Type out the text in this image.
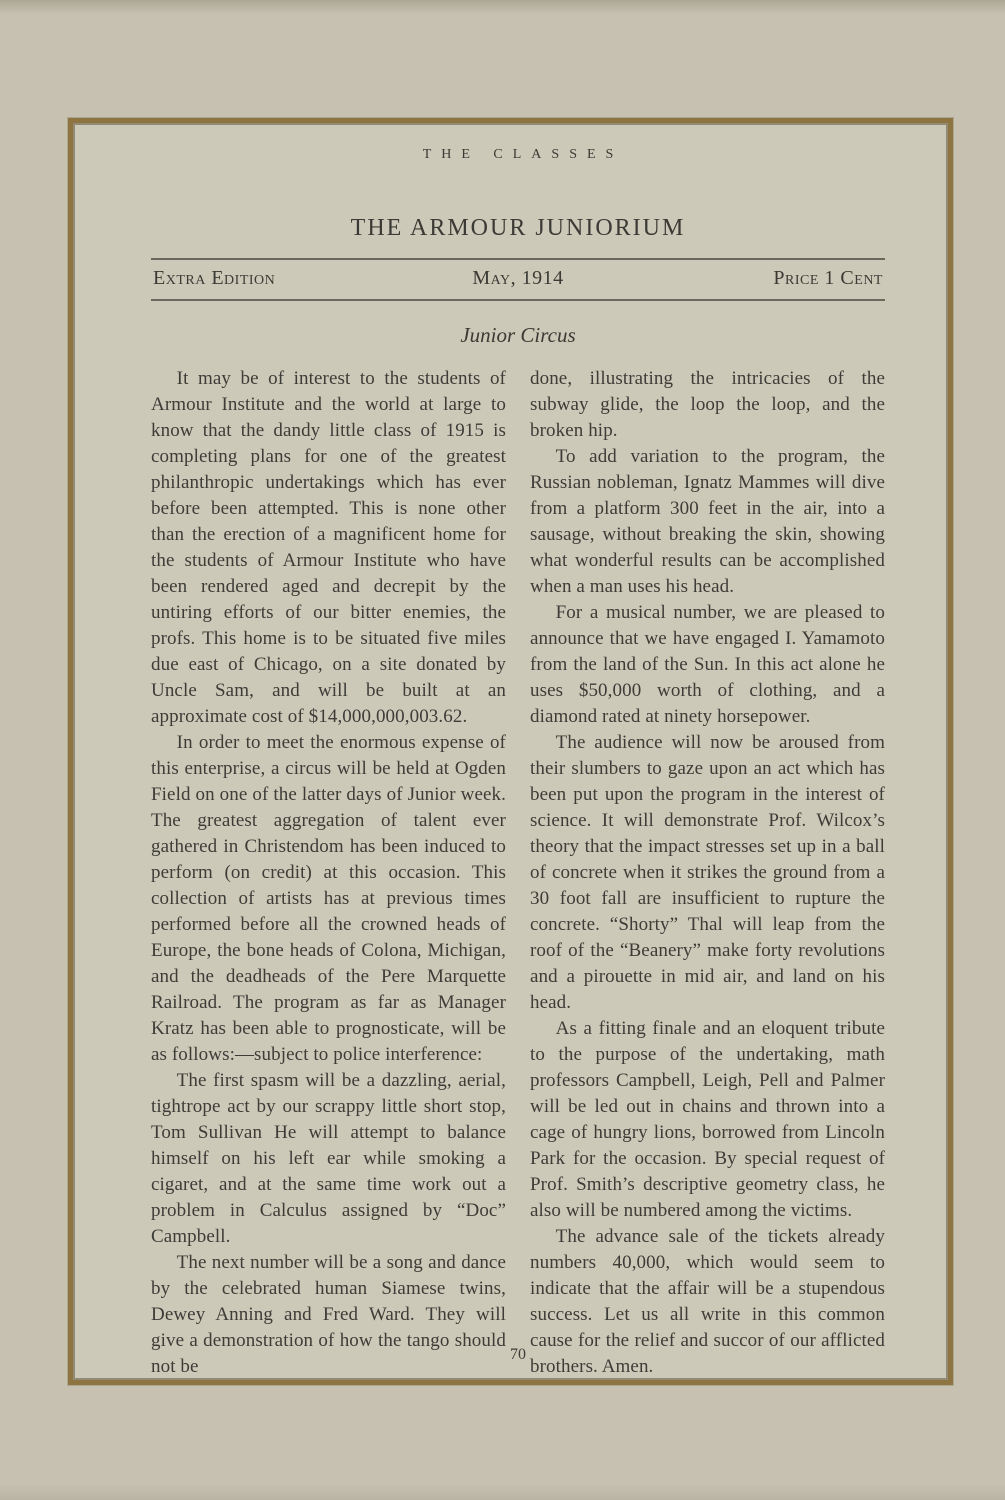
THE CLASSES
THE ARMOUR JUNIORIUM
Extra Edition	May, 1914	Price 1 Cent
Junior Circus

It may be of interest to the students of Armour Institute and the world at large to know that the dandy little class of 1915 is completing plans for one of the greatest philanthropic undertakings which has ever before been attempted. This is none other than the erection of a magnificent home for the students of Armour Institute who have been rendered aged and decrepit by the untiring efforts of our bitter enemies, the profs. This home is to be situated five miles due east of Chicago, on a site donated by Uncle Sam, and will be built at an approximate cost of $14,000,000,003.62.

In order to meet the enormous expense of this enterprise, a circus will be held at Ogden Field on one of the latter days of Junior week. The greatest aggregation of talent ever gathered in Christendom has been induced to perform (on credit) at this occasion. This collection of artists has at previous times performed before all the crowned heads of Europe, the bone heads of Colona, Michigan, and the deadheads of the Pere Marquette Railroad. The program as far as Manager Kratz has been able to prognosticate, will be as follows:—subject to police interference:

The first spasm will be a dazzling, aerial, tightrope act by our scrappy little short stop, Tom Sullivan He will attempt to balance himself on his left ear while smoking a cigaret, and at the same time work out a problem in Calculus assigned by “Doc” Campbell.

The next number will be a song and dance by the celebrated human Siamese twins, Dewey Anning and Fred Ward. They will give a demonstration of how the tango should not be

done, illustrating the intricacies of the subway glide, the loop the loop, and the broken hip.

To add variation to the program, the Russian nobleman, Ignatz Mammes will dive from a platform 300 feet in the air, into a sausage, without breaking the skin, showing what wonderful results can be accomplished when a man uses his head.

For a musical number, we are pleased to announce that we have engaged I. Yamamoto from the land of the Sun. In this act alone he uses $50,000 worth of clothing, and a diamond rated at ninety horsepower.

The audience will now be aroused from their slumbers to gaze upon an act which has been put upon the program in the interest of science. It will demonstrate Prof. Wilcox’s theory that the impact stresses set up in a ball of concrete when it strikes the ground from a 30 foot fall are insufficient to rupture the concrete. “Shorty” Thal will leap from the roof of the “Beanery” make forty revolutions and a pirouette in mid air, and land on his head.

As a fitting finale and an eloquent tribute to the purpose of the undertaking, math professors Campbell, Leigh, Pell and Palmer will be led out in chains and thrown into a cage of hungry lions, borrowed from Lincoln Park for the occasion. By special request of Prof. Smith’s descriptive geometry class, he also will be numbered among the victims.

The advance sale of the tickets already numbers 40,000, which would seem to indicate that the affair will be a stupendous success. Let us all write in this common cause for the relief and succor of our afflicted brothers. Amen.

70
